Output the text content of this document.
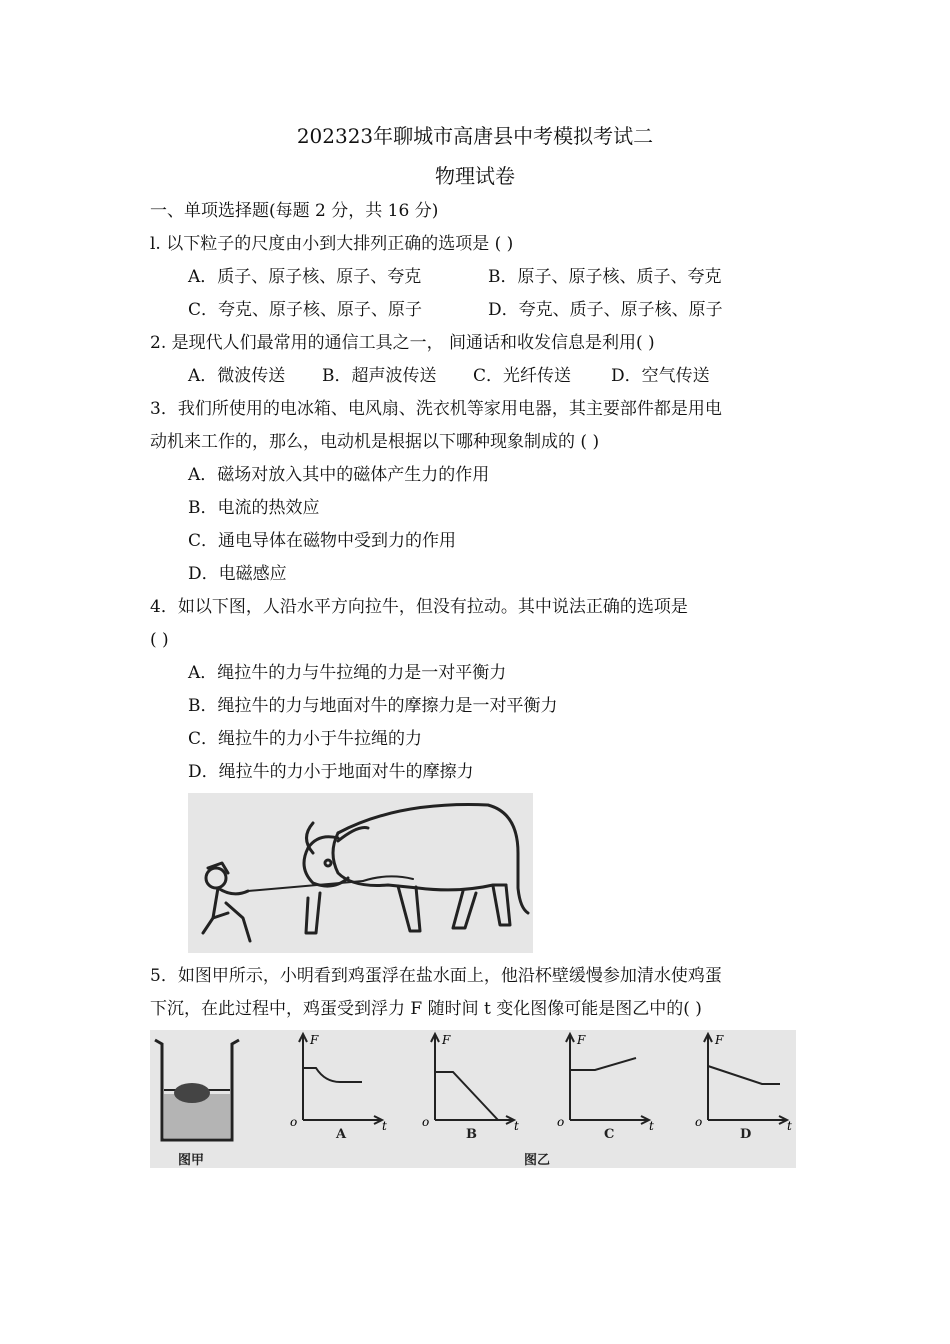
202323年聊城市高唐县中考模拟考试二
物理试卷
一、单项选择题(每题 2 分，共 16 分)
l. 以下粒子的尺度由小到大排列正确的选项是 ( )
A．质子、原子核、原子、夸克	B．原子、原子核、质子、夸克
C．夸克、原子核、原子、原子	D．夸克、质子、原子核、原子
2. 是现代人们最常用的通信工具之一， 间通话和收发信息是利用( )
A．微波传送 B．超声波传送 C．光纤传送 D．空气传送
3．我们所使用的电冰箱、电风扇、洗衣机等家用电器，其主要部件都是用电
动机来工作的，那么，电动机是根据以下哪种现象制成的 ( )
A．磁场对放入其中的磁体产生力的作用
B．电流的热效应
C．通电导体在磁物中受到力的作用
D．电磁感应
4．如以下图，人沿水平方向拉牛，但没有拉动。其中说法正确的选项是
( )
A．绳拉牛的力与牛拉绳的力是一对平衡力
B．绳拉牛的力与地面对牛的摩擦力是一对平衡力
C．绳拉牛的力小于牛拉绳的力
D．绳拉牛的力小于地面对牛的摩擦力
5．如图甲所示，小明看到鸡蛋浮在盐水面上，他沿杯壁缓慢参加清水使鸡蛋
下沉，在此过程中，鸡蛋受到浮力 F 随时间 t 变化图像可能是图乙中的( )
图甲
F
o	t
A
F
o	t
B
F
o	t
C
F
o	t
D
图乙
